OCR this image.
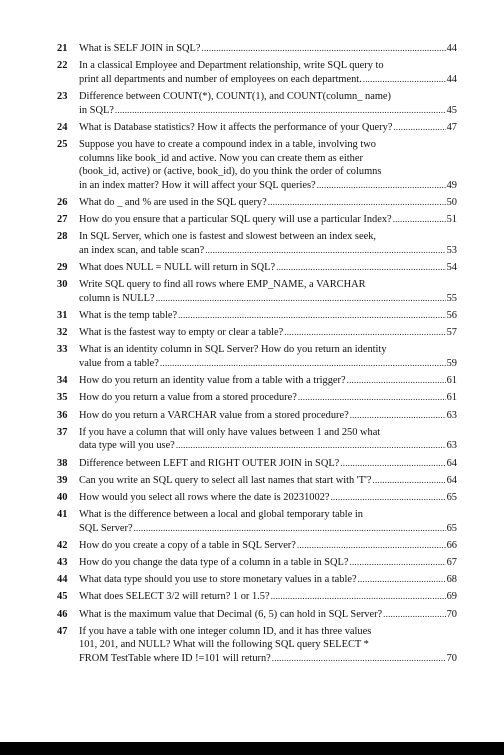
21	What is SELF JOIN in SQL? .....	44
22	In a classical Employee and Department relationship, write SQL query to
print all departments and number of employees on each department. .....	44
23	Difference between COUNT(*), COUNT(1), and COUNT(column_ name)
in SQL? .....	45
24	What is Database statistics? How it affects the performance of your Query? .....	47
25	Suppose you have to create a compound index in a table, involving two
columns like book_id and active. Now you can create them as either
(book_id, active) or (active, book_id), do you think the order of columns
in an index matter? How it will affect your SQL queries? .....	49
26	What do _ and % are used in the SQL query? .....	50
27	How do you ensure that a particular SQL query will use a particular Index? .....	51
28	In SQL Server, which one is fastest and slowest between an index seek,
an index scan, and table scan? .....	53
29	What does NULL = NULL will return in SQL? .....	54
30	Write SQL query to find all rows where EMP_NAME, a VARCHAR
column is NULL? .....	55
31	What is the temp table? .....	56
32	What is the fastest way to empty or clear a table? .....	57
33	What is an identity column in SQL Server? How do you return an identity
value from a table? .....	59
34	How do you return an identity value from a table with a trigger? .....	61
35	How do you return a value from a stored procedure? .....	61
36	How do you return a VARCHAR value from a stored procedure? .....	63
37	If you have a column that will only have values between 1 and 250 what
data type will you use? .....	63
38	Difference between LEFT and RIGHT OUTER JOIN in SQL? .....	64
39	Can you write an SQL query to select all last names that start with 'T'? .....	64
40	How would you select all rows where the date is 20231002? .....	65
41	What is the difference between a local and global temporary table in
SQL Server? .....	65
42	How do you create a copy of a table in SQL Server? .....	66
43	How do you change the data type of a column in a table in SQL? .....	67
44	What data type should you use to store monetary values in a table? .....	68
45	What does SELECT 3/2 will return? 1 or 1.5? .....	69
46	What is the maximum value that Decimal (6, 5) can hold in SQL Server? .....	70
47	If you have a table with one integer column ID, and it has three values
101, 201, and NULL? What will the following SQL query SELECT *
FROM TestTable where ID !=101 will return? .....	70
